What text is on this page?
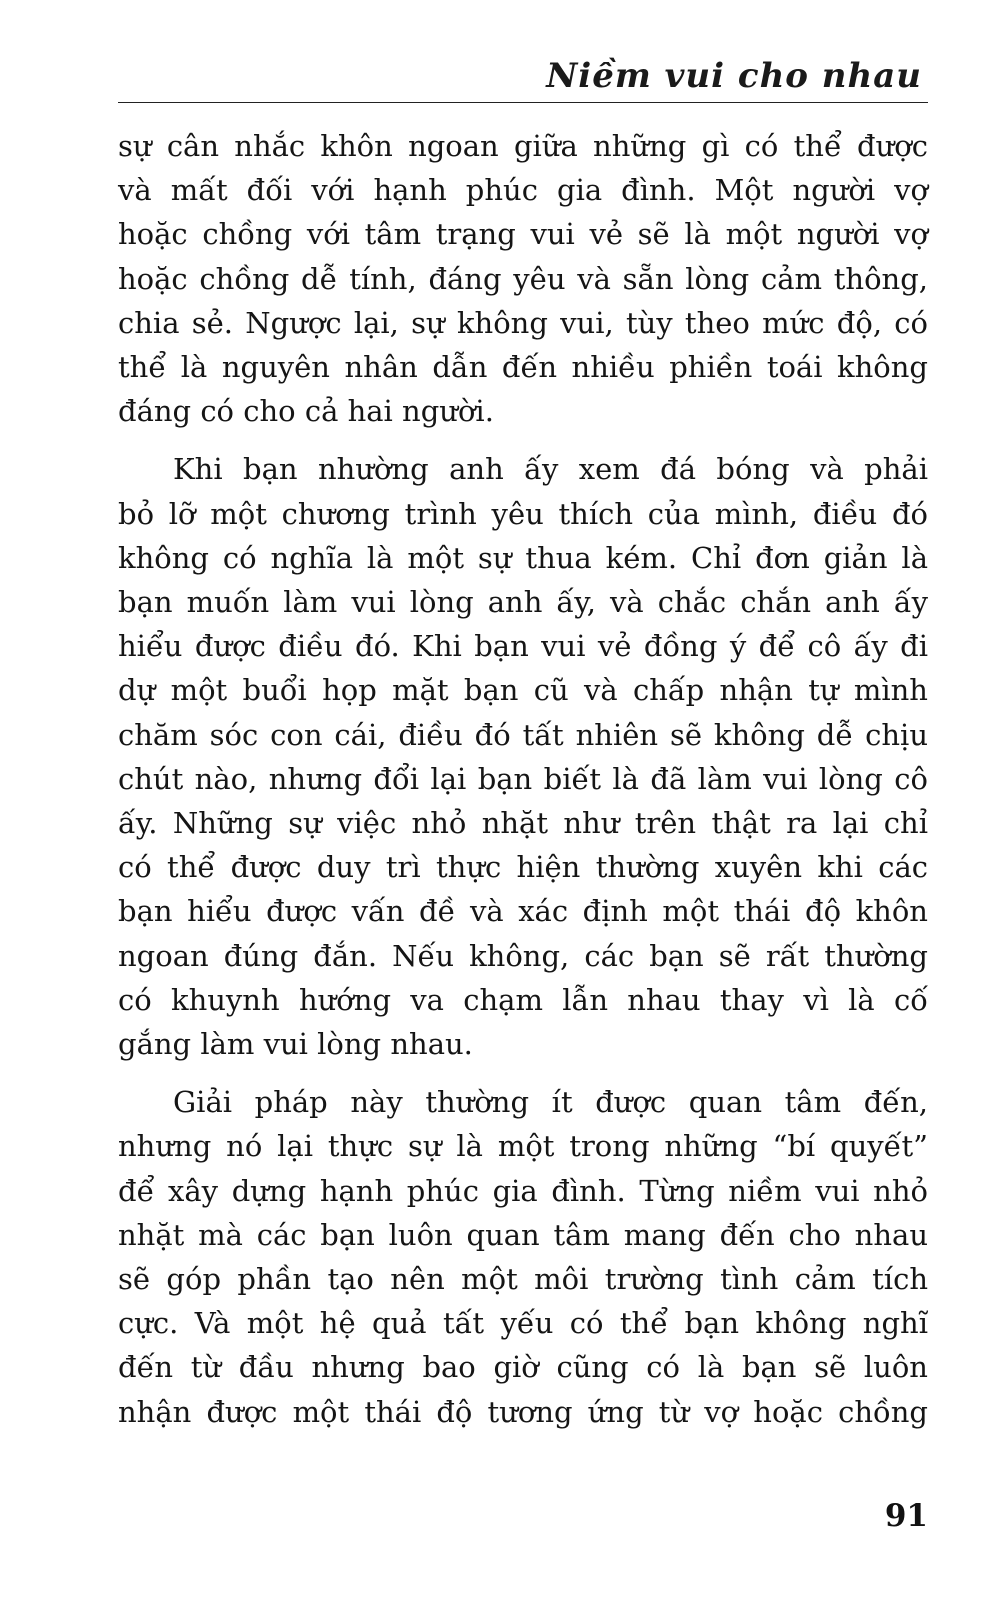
Niềm vui cho nhau

sự cân nhắc khôn ngoan giữa những gì có thể được
và mất đối với hạnh phúc gia đình. Một người vợ
hoặc chồng với tâm trạng vui vẻ sẽ là một người vợ
hoặc chồng dễ tính, đáng yêu và sẵn lòng cảm thông,
chia sẻ. Ngược lại, sự không vui, tùy theo mức độ, có
thể là nguyên nhân dẫn đến nhiều phiền toái không
đáng có cho cả hai người.

Khi bạn nhường anh ấy xem đá bóng và phải
bỏ lỡ một chương trình yêu thích của mình, điều đó
không có nghĩa là một sự thua kém. Chỉ đơn giản là
bạn muốn làm vui lòng anh ấy, và chắc chắn anh ấy
hiểu được điều đó. Khi bạn vui vẻ đồng ý để cô ấy đi
dự một buổi họp mặt bạn cũ và chấp nhận tự mình
chăm sóc con cái, điều đó tất nhiên sẽ không dễ chịu
chút nào, nhưng đổi lại bạn biết là đã làm vui lòng cô
ấy. Những sự việc nhỏ nhặt như trên thật ra lại chỉ
có thể được duy trì thực hiện thường xuyên khi các
bạn hiểu được vấn đề và xác định một thái độ khôn
ngoan đúng đắn. Nếu không, các bạn sẽ rất thường
có khuynh hướng va chạm lẫn nhau thay vì là cố
gắng làm vui lòng nhau.

Giải pháp này thường ít được quan tâm đến,
nhưng nó lại thực sự là một trong những “bí quyết”
để xây dựng hạnh phúc gia đình. Từng niềm vui nhỏ
nhặt mà các bạn luôn quan tâm mang đến cho nhau
sẽ góp phần tạo nên một môi trường tình cảm tích
cực. Và một hệ quả tất yếu có thể bạn không nghĩ
đến từ đầu nhưng bao giờ cũng có là bạn sẽ luôn
nhận được một thái độ tương ứng từ vợ hoặc chồng

91
